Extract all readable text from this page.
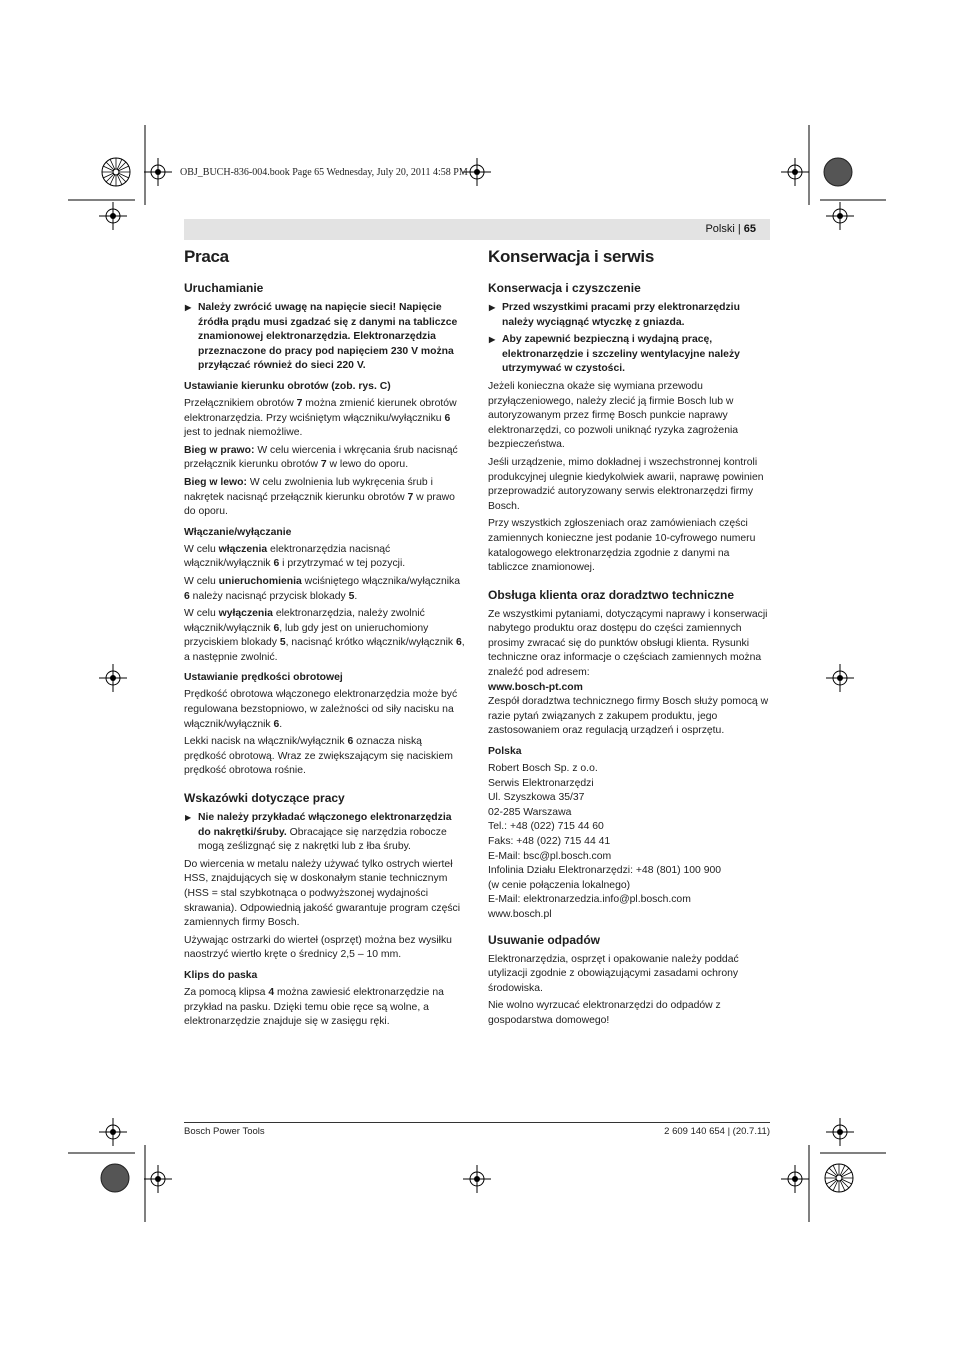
OBJ_BUCH-836-004.book Page 65 Wednesday, July 20, 2011 4:58 PM
Polski | 65
Praca
Uruchamianie

▶ Należy zwrócić uwagę na napięcie sieci! Napięcie źródła prądu musi zgadzać się z danymi na tabliczce znamionowej elektronarzędzia. Elektronarzędzia przeznaczone do pracy pod napięciem 230 V można przyłączać również do sieci 220 V.

Ustawianie kierunku obrotów (zob. rys. C)

Przełącznikiem obrotów 7 można zmienić kierunek obrotów elektronarzędzia. Przy wciśniętym włączniku/wyłączniku 6 jest to jednak niemożliwe.

Bieg w prawo: W celu wiercenia i wkręcania śrub nacisnąć przełącznik kierunku obrotów 7 w lewo do oporu.

Bieg w lewo: W celu zwolnienia lub wykręcenia śrub i nakrętek nacisnąć przełącznik kierunku obrotów 7 w prawo do oporu.

Włączanie/wyłączanie

W celu włączenia elektronarzędzia nacisnąć włącznik/wyłącznik 6 i przytrzymać w tej pozycji.

W celu unieruchomienia wciśniętego włącznika/wyłącznika 6 należy nacisnąć przycisk blokady 5.

W celu wyłączenia elektronarzędzia, należy zwolnić włącznik/wyłącznik 6, lub gdy jest on unieruchomiony przyciskiem blokady 5, nacisnąć krótko włącznik/wyłącznik 6, a następnie zwolnić.

Ustawianie prędkości obrotowej

Prędkość obrotowa włączonego elektronarzędzia może być regulowana bezstopniowo, w zależności od siły nacisku na włącznik/wyłącznik 6.

Lekki nacisk na włącznik/wyłącznik 6 oznacza niską prędkość obrotową. Wraz ze zwiększającym się naciskiem prędkość obrotowa rośnie.

Wskazówki dotyczące pracy

▶ Nie należy przykładać włączonego elektronarzędzia do nakrętki/śruby. Obracające się narzędzia robocze mogą ześlizgnąć się z nakrętki lub z łba śruby.

Do wiercenia w metalu należy używać tylko ostrych wierteł HSS, znajdujących się w doskonałym stanie technicznym (HSS = stal szybkotnąca o podwyższonej wydajności skrawania). Odpowiednią jakość gwarantuje program części zamiennych firmy Bosch.

Używając ostrzarki do wierteł (osprzęt) można bez wysiłku naostrzyć wiertło kręte o średnicy 2,5 – 10 mm.

Klips do paska

Za pomocą klipsa 4 można zawiesić elektronarzędzie na przykład na pasku. Dzięki temu obie ręce są wolne, a elektronarzędzie znajduje się w zasięgu ręki.

Konserwacja i serwis
Konserwacja i czyszczenie

▶ Przed wszystkimi pracami przy elektronarzędziu należy wyciągnąć wtyczkę z gniazda.

▶ Aby zapewnić bezpieczną i wydajną pracę, elektronarzędzie i szczeliny wentylacyjne należy utrzymywać w czystości.

Jeżeli konieczna okaże się wymiana przewodu przyłączeniowego, należy zlecić ją firmie Bosch lub w autoryzowanym przez firmę Bosch punkcie naprawy elektronarzędzi, co pozwoli uniknąć ryzyka zagrożenia bezpieczeństwa.

Jeśli urządzenie, mimo dokładnej i wszechstronnej kontroli produkcyjnej ulegnie kiedykolwiek awarii, naprawę powinien przeprowadzić autoryzowany serwis elektronarzędzi firmy Bosch.

Przy wszystkich zgłoszeniach oraz zamówieniach części zamiennych konieczne jest podanie 10-cyfrowego numeru katalogowego elektronarzędzia zgodnie z danymi na tabliczce znamionowej.

Obsługa klienta oraz doradztwo techniczne

Ze wszystkimi pytaniami, dotyczącymi naprawy i konserwacji nabytego produktu oraz dostępu do części zamiennych prosimy zwracać się do punktów obsługi klienta. Rysunki techniczne oraz informacje o częściach zamiennych można znaleźć pod adresem:
www.bosch-pt.com

Zespół doradztwa technicznego firmy Bosch służy pomocą w razie pytań związanych z zakupem produktu, jego zastosowaniem oraz regulacją urządzeń i osprzętu.

Polska
Robert Bosch Sp. z o.o.
Serwis Elektronarzędzi
Ul. Szyszkowa 35/37
02-285 Warszawa
Tel.: +48 (022) 715 44 60
Faks: +48 (022) 715 44 41
E-Mail: bsc@pl.bosch.com
Infolinia Działu Elektronarzędzi: +48 (801) 100 900
(w cenie połączenia lokalnego)
E-Mail: elektronarzedzia.info@pl.bosch.com
www.bosch.pl
Usuwanie odpadów

Elektronarzędzia, osprzęt i opakowanie należy poddać utylizacji zgodnie z obowiązującymi zasadami ochrony środowiska.

Nie wolno wyrzucać elektronarzędzi do odpadów z gospodarstwa domowego!

Bosch Power Tools	2 609 140 654 | (20.7.11)
